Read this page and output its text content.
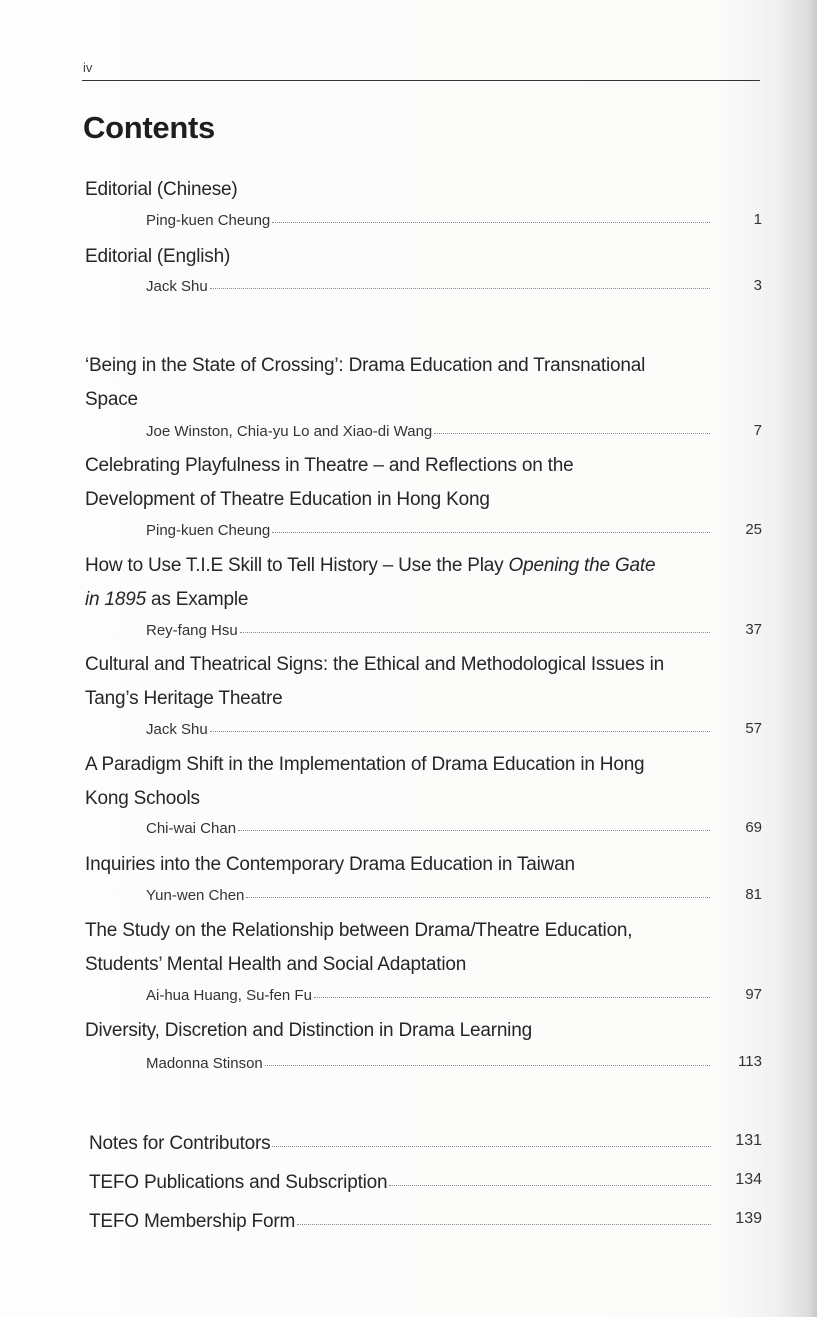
iv
Contents
Editorial (Chinese)
Ping-kuen Cheung	1
Editorial (English)
Jack Shu	3
‘Being in the State of Crossing’: Drama Education and Transnational
Space
Joe Winston, Chia-yu Lo and Xiao-di Wang	7
Celebrating Playfulness in Theatre – and Reflections on the
Development of Theatre Education in Hong Kong
Ping-kuen Cheung	25
How to Use T.I.E Skill to Tell History – Use the Play Opening the Gate
in 1895 as Example
Rey-fang Hsu	37
Cultural and Theatrical Signs: the Ethical and Methodological Issues in
Tang’s Heritage Theatre
Jack Shu	57
A Paradigm Shift in the Implementation of Drama Education in Hong
Kong Schools
Chi-wai Chan	69
Inquiries into the Contemporary Drama Education in Taiwan
Yun-wen Chen	81
The Study on the Relationship between Drama/Theatre Education,
Students’ Mental Health and Social Adaptation
Ai-hua Huang, Su-fen Fu	97
Diversity, Discretion and Distinction in Drama Learning
Madonna Stinson	113
Notes for Contributors	131
TEFO Publications and Subscription	134
TEFO Membership Form	139
